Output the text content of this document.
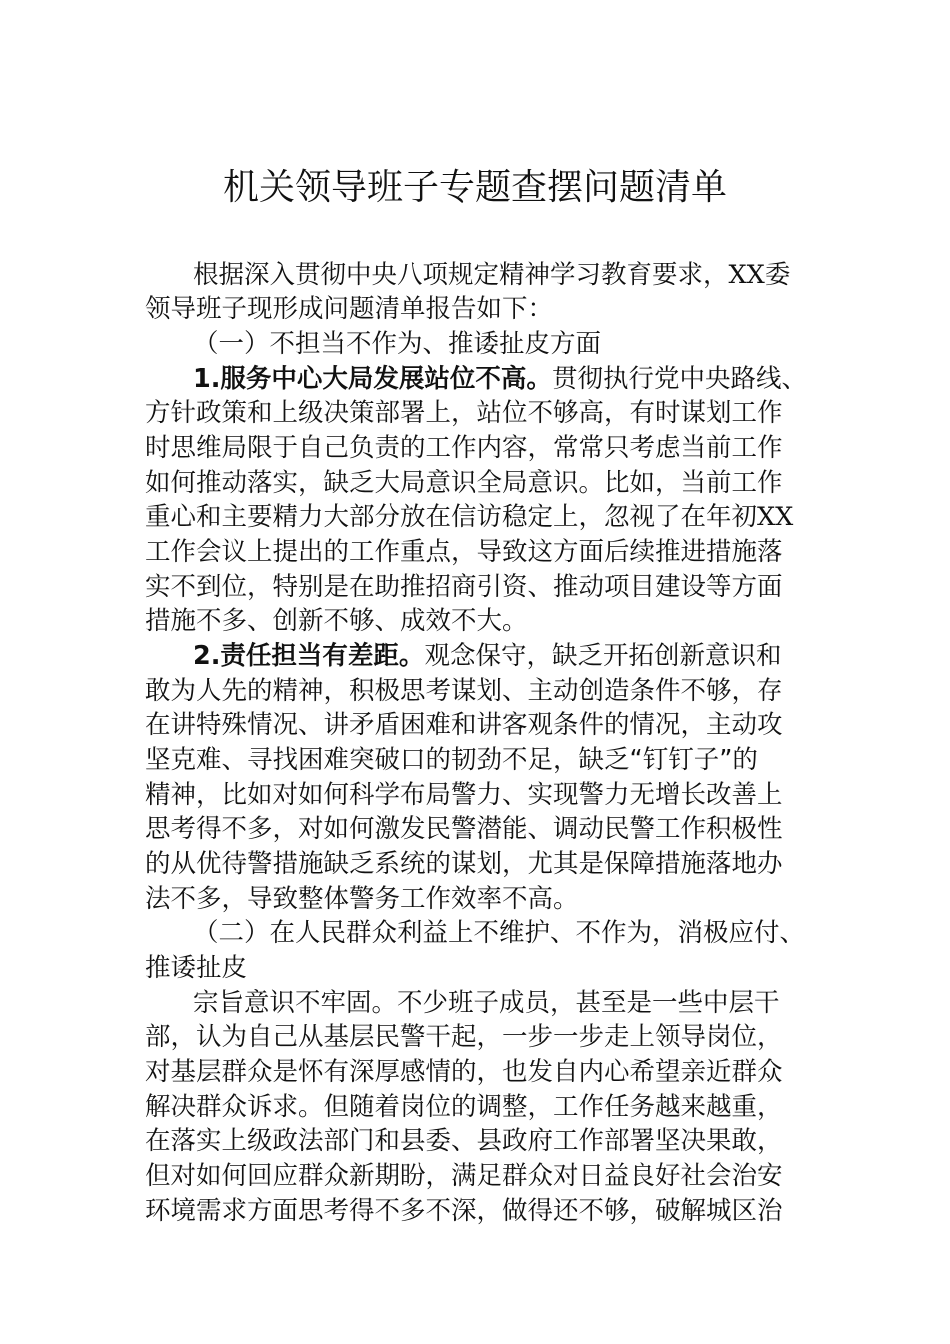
机关领导班子专题查摆问题清单
根据深入贯彻中央八项规定精神学习教育要求，XX委
领导班子现形成问题清单报告如下：
（一）不担当不作为、推诿扯皮方面
1.服务中心大局发展站位不高。贯彻执行党中央路线、
方针政策和上级决策部署上，站位不够高，有时谋划工作
时思维局限于自己负责的工作内容，常常只考虑当前工作
如何推动落实，缺乏大局意识全局意识。比如，当前工作
重心和主要精力大部分放在信访稳定上，忽视了在年初XX
工作会议上提出的工作重点，导致这方面后续推进措施落
实不到位，特别是在助推招商引资、推动项目建设等方面
措施不多、创新不够、成效不大。
2.责任担当有差距。观念保守，缺乏开拓创新意识和
敢为人先的精神，积极思考谋划、主动创造条件不够，存
在讲特殊情况、讲矛盾困难和讲客观条件的情况，主动攻
坚克难、寻找困难突破口的韧劲不足，缺乏“钉钉子”的
精神，比如对如何科学布局警力、实现警力无增长改善上
思考得不多，对如何激发民警潜能、调动民警工作积极性
的从优待警措施缺乏系统的谋划，尤其是保障措施落地办
法不多，导致整体警务工作效率不高。
（二）在人民群众利益上不维护、不作为，消极应付、
推诿扯皮
宗旨意识不牢固。不少班子成员，甚至是一些中层干
部，认为自己从基层民警干起，一步一步走上领导岗位，
对基层群众是怀有深厚感情的，也发自内心希望亲近群众
解决群众诉求。但随着岗位的调整，工作任务越来越重，
在落实上级政法部门和县委、县政府工作部署坚决果敢，
但对如何回应群众新期盼，满足群众对日益良好社会治安
环境需求方面思考得不多不深，做得还不够，破解城区治
